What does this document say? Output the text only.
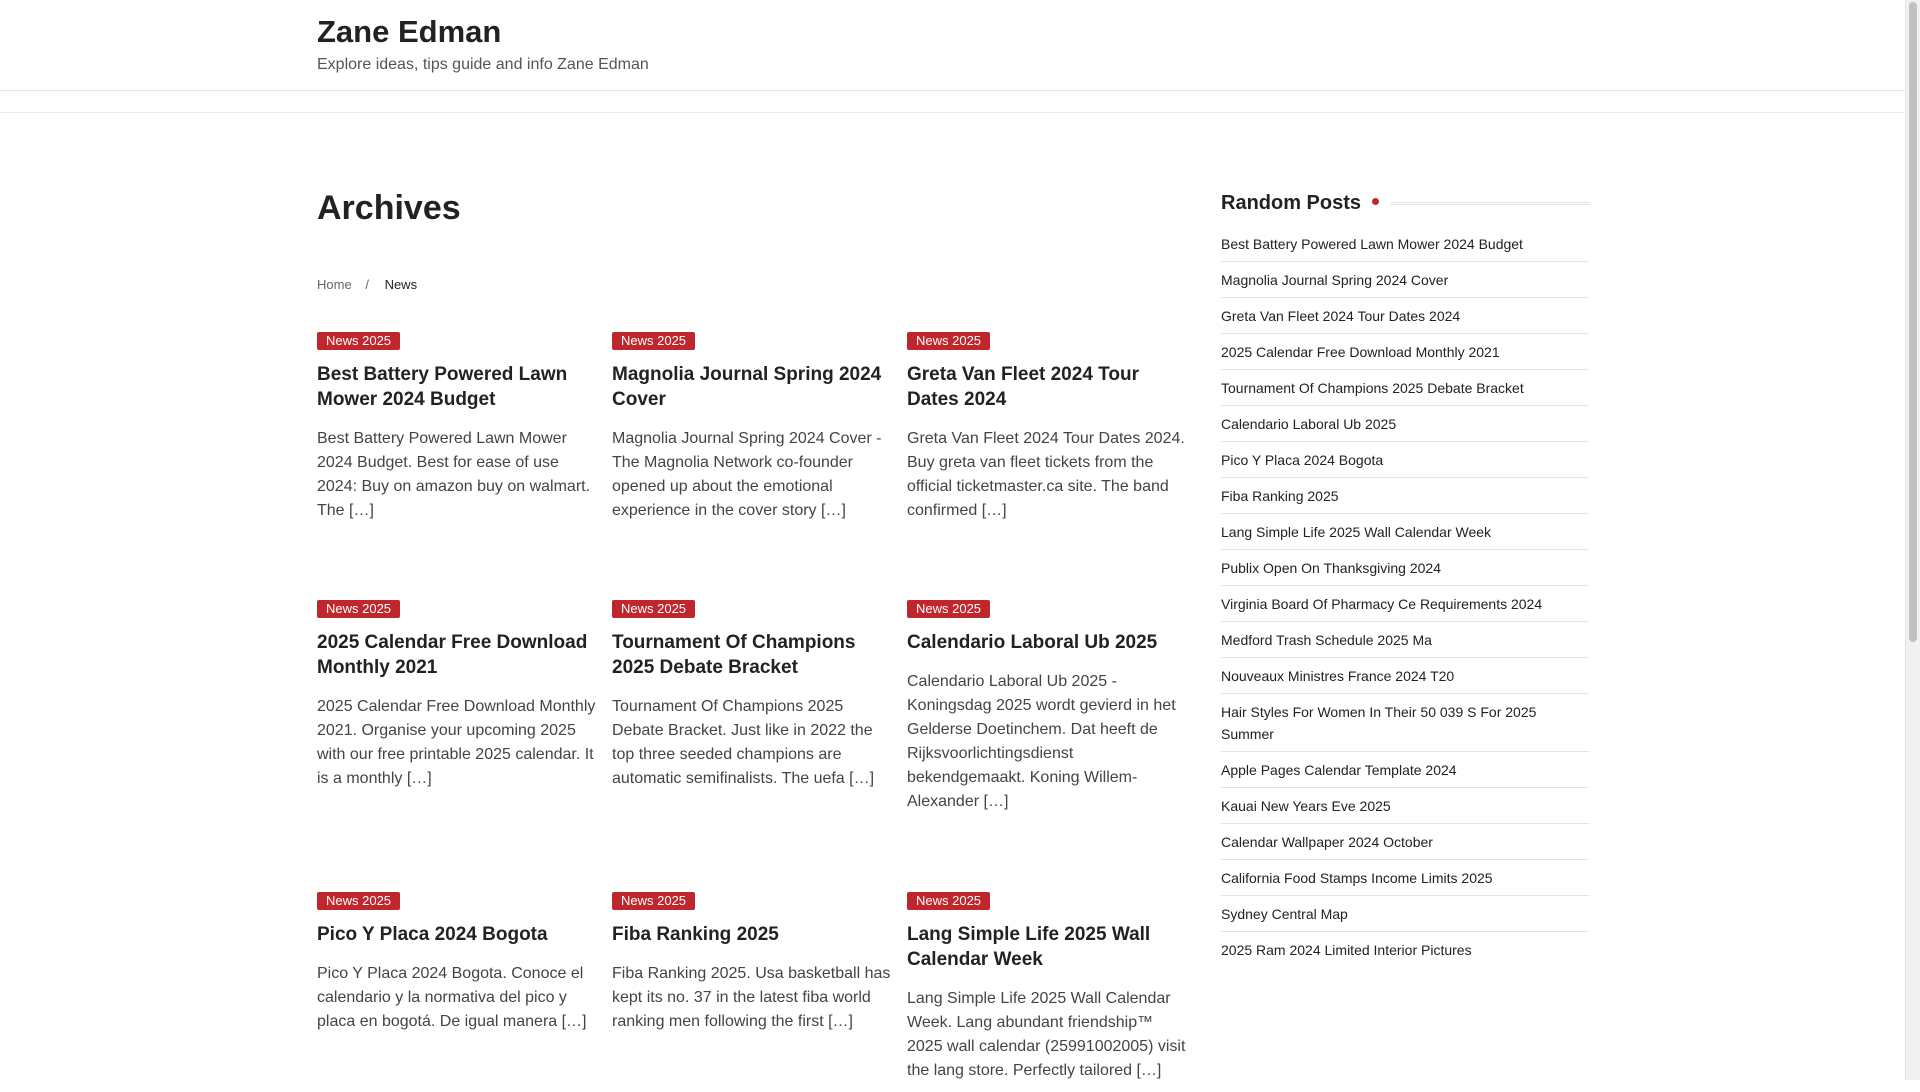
Zane Edman

Explore ideas, tips guide and info Zane Edman

Archives
Home / News
News 2025
Best Battery Powered Lawn Mower 2024 Budget

Best Battery Powered Lawn Mower 2024 Budget. Best for ease of use 2024: Buy on amazon buy on walmart. The […]

News 2025
Magnolia Journal Spring 2024 Cover

Magnolia Journal Spring 2024 Cover - The Magnolia Network co-founder opened up about the emotional experience in the cover story […]

News 2025
Greta Van Fleet 2024 Tour Dates 2024

Greta Van Fleet 2024 Tour Dates 2024. Buy greta van fleet tickets from the official ticketmaster.ca site. The band confirmed […]

News 2025
2025 Calendar Free Download Monthly 2021

2025 Calendar Free Download Monthly 2021. Organise your upcoming 2025 with our free printable 2025 calendar. It is a monthly […]

News 2025
Tournament Of Champions 2025 Debate Bracket

Tournament Of Champions 2025 Debate Bracket. Just like in 2022 the top three seeded champions are automatic semifinalists. The uefa […]

News 2025
Calendario Laboral Ub 2025

Calendario Laboral Ub 2025 - Koningsdag 2025 wordt gevierd in het Gelderse Doetinchem. Dat heeft de Rijksvoorlichtingsdienst bekendgemaakt. Koning Willem-Alexander […]

News 2025
Pico Y Placa 2024 Bogota

Pico Y Placa 2024 Bogota. Conoce el calendario y la normativa del pico y placa en bogotá. De igual manera […]

News 2025
Fiba Ranking 2025

Fiba Ranking 2025. Usa basketball has kept its no. 37 in the latest fiba world ranking men following the first […]

News 2025
Lang Simple Life 2025 Wall Calendar Week

Lang Simple Life 2025 Wall Calendar Week. Lang abundant friendship™ 2025 wall calendar (25991002005) visit the lang store. Perfectly tailored […]

Random Posts
Best Battery Powered Lawn Mower 2024 Budget
Magnolia Journal Spring 2024 Cover
Greta Van Fleet 2024 Tour Dates 2024
2025 Calendar Free Download Monthly 2021
Tournament Of Champions 2025 Debate Bracket
Calendario Laboral Ub 2025
Pico Y Placa 2024 Bogota
Fiba Ranking 2025
Lang Simple Life 2025 Wall Calendar Week
Publix Open On Thanksgiving 2024
Virginia Board Of Pharmacy Ce Requirements 2024
Medford Trash Schedule 2025 Ma
Nouveaux Ministres France 2024 T20
Hair Styles For Women In Their 50 039 S For 2025 Summer
Apple Pages Calendar Template 2024
Kauai New Years Eve 2025
Calendar Wallpaper 2024 October
California Food Stamps Income Limits 2025
Sydney Central Map
2025 Ram 2024 Limited Interior Pictures
